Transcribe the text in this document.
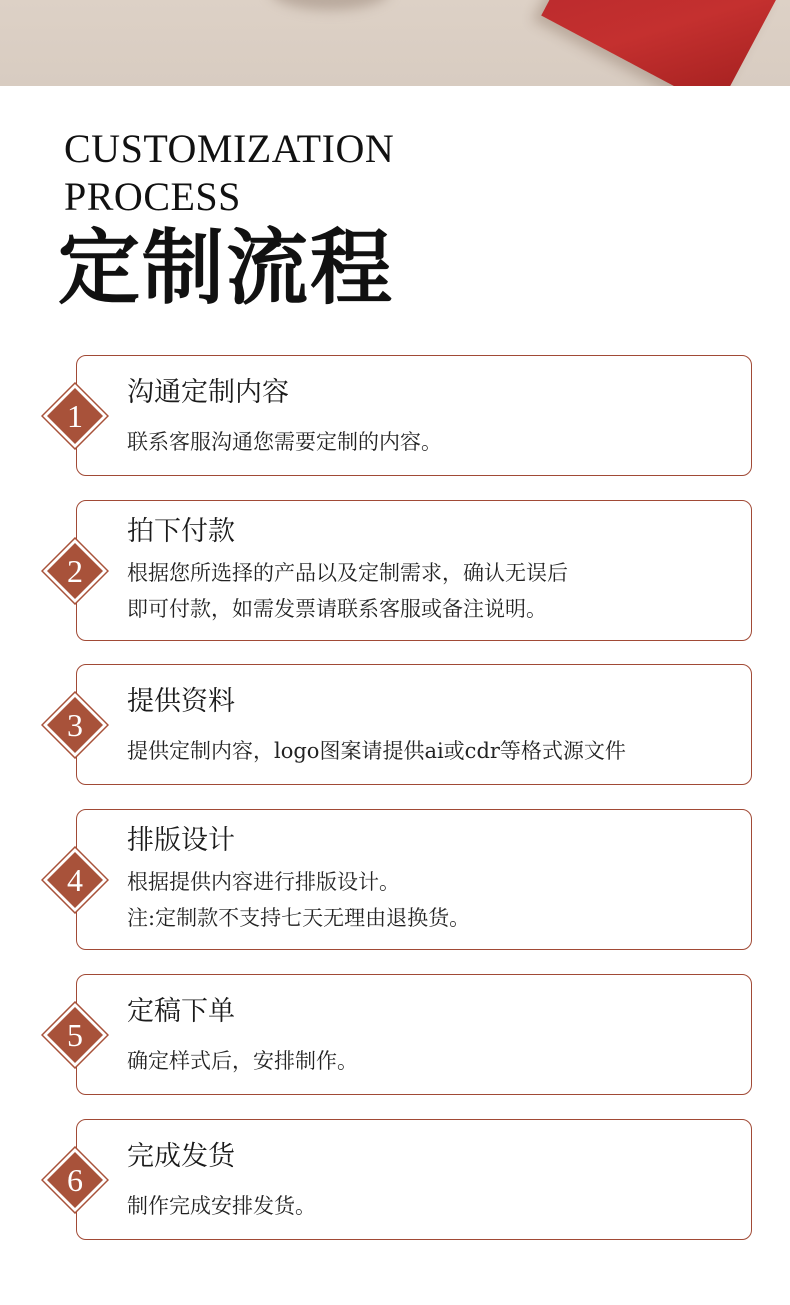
CUSTOMIZATION
PROCESS
定制流程
1
沟通定制内容
联系客服沟通您需要定制的内容。
2
拍下付款
根据您所选择的产品以及定制需求，确认无误后
即可付款，如需发票请联系客服或备注说明。
3
提供资料
提供定制内容，logo图案请提供ai或cdr等格式源文件
4
排版设计
根据提供内容进行排版设计。
注:定制款不支持七天无理由退换货。
5
定稿下单
确定样式后，安排制作。
6
完成发货
制作完成安排发货。
